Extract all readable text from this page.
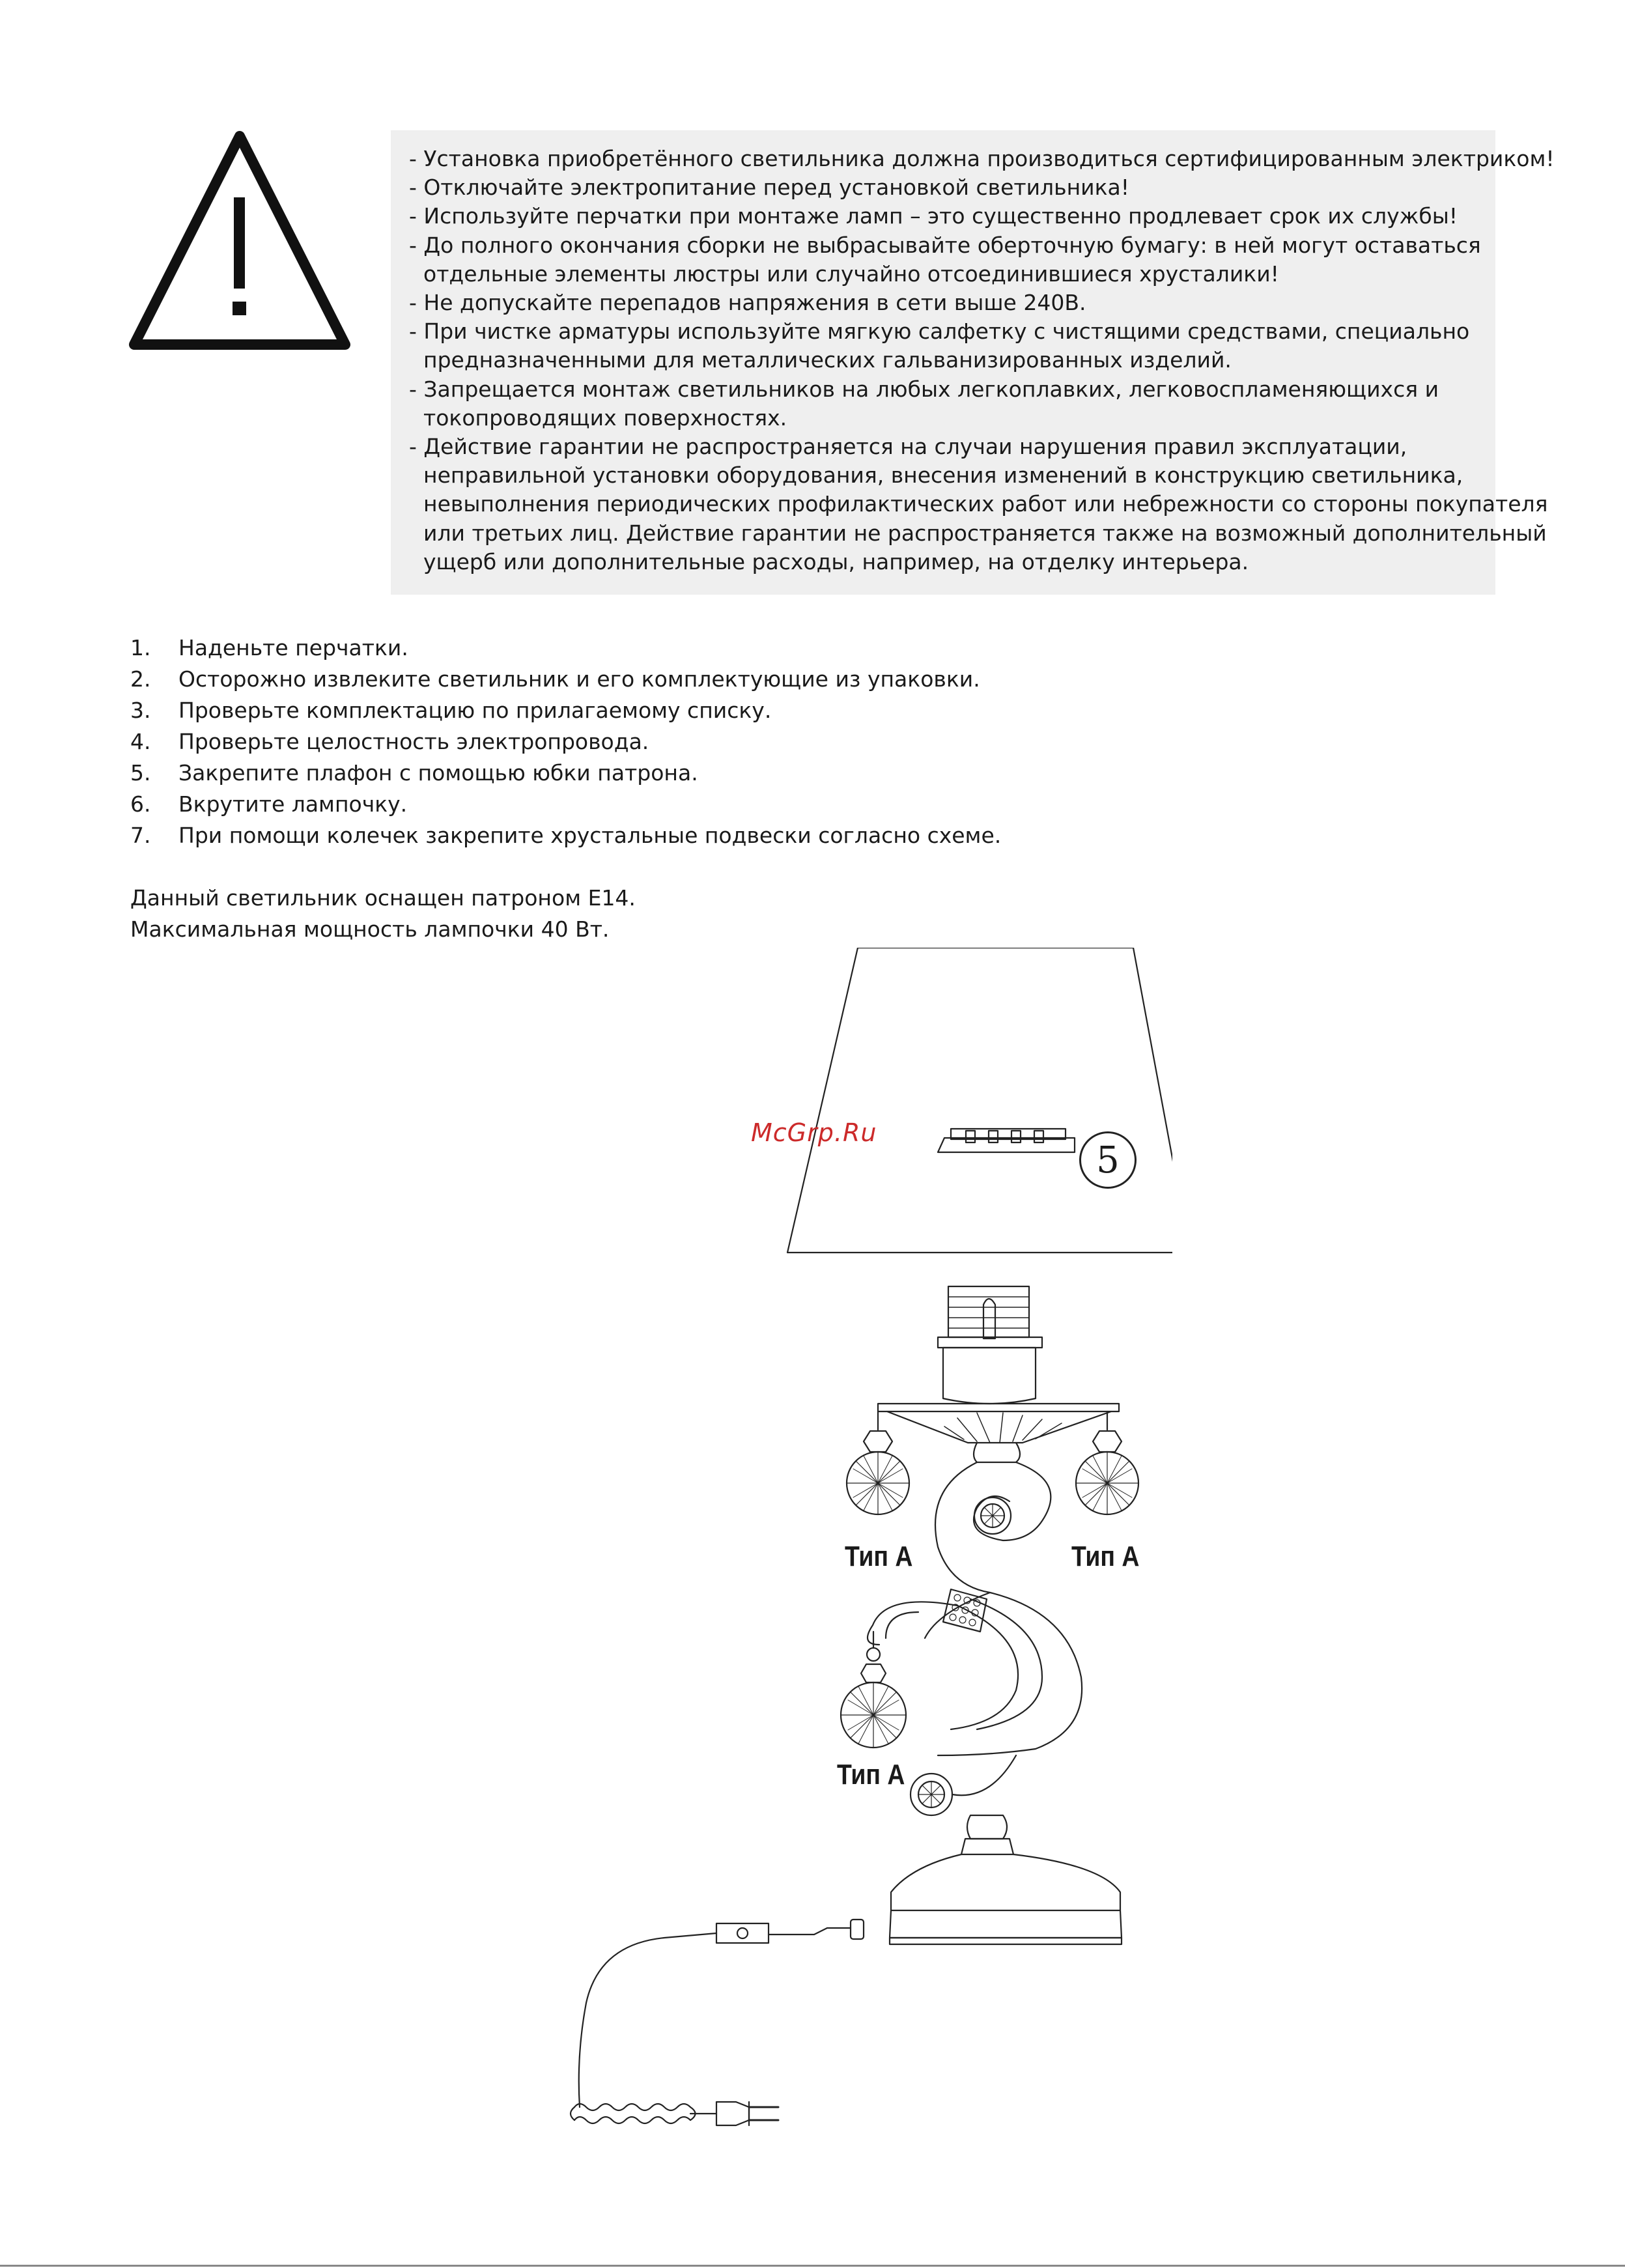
- Установка приобретённого светильника должна производиться сертифицированным электриком!
- Отключайте электропитание перед установкой светильника!
- Используйте перчатки при монтаже ламп – это существенно продлевает срок их службы!
- До полного окончания сборки не выбрасывайте оберточную бумагу: в ней могут оставаться
отдельные элементы люстры или случайно отсоединившиеся хрусталики!
- Не допускайте перепадов напряжения в сети выше 240В.
- При чистке арматуры используйте мягкую салфетку с чистящими средствами, специально
предназначенными для металлических гальванизированных изделий.
- Запрещается монтаж светильников на любых легкоплавких, легковоспламеняющихся и
токопроводящих поверхностях.
- Действие гарантии не распространяется на случаи нарушения правил эксплуатации,
неправильной установки оборудования, внесения изменений в конструкцию светильника,
невыполнения периодических профилактических работ или небрежности со стороны покупателя
или третьих лиц. Действие гарантии не распространяется также на возможный дополнительный
ущерб или дополнительные расходы, например, на отделку интерьера.
1.	Наденьте перчатки.
2.	Осторожно извлеките светильник и его комплектующие из упаковки.
3.	Проверьте комплектацию по прилагаемому списку.
4.	Проверьте целостность электропровода.
5.	Закрепите плафон с помощью юбки патрона.
6.	Вкрутите лампочку.
7.	При помощи колечек закрепите хрустальные подвески согласно схеме.
Данный светильник оснащен патроном Е14.
Максимальная мощность лампочки 40 Вт.
McGrp.Ru
5
Тип А	Тип А
Тип А
